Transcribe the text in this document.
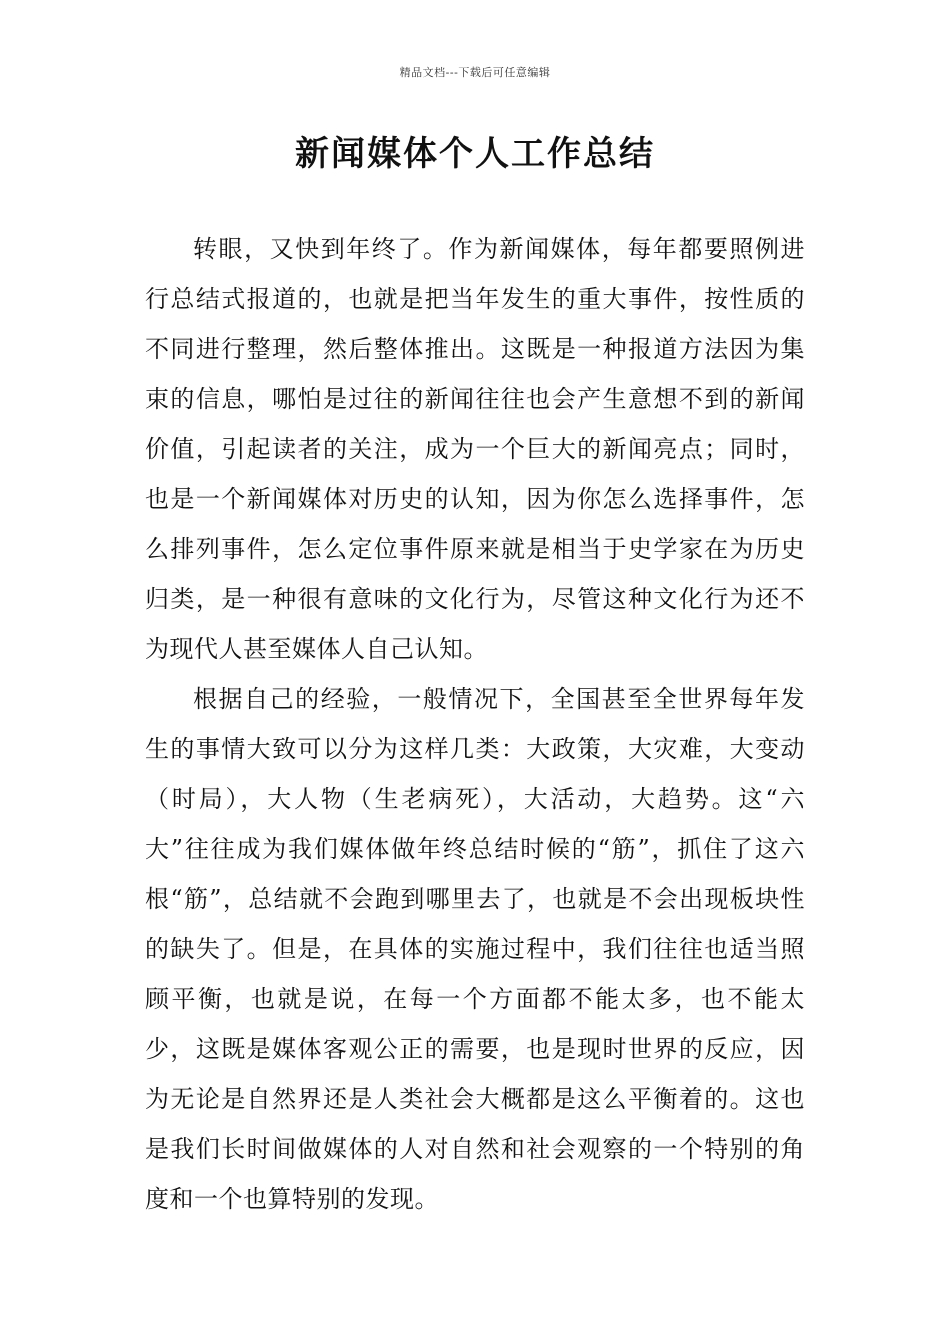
精品文档---下载后可任意编辑
新闻媒体个人工作总结

转眼，又快到年终了。作为新闻媒体，每年都要照例进行总结式报道的，也就是把当年发生的重大事件，按性质的不同进行整理，然后整体推出。这既是一种报道方法因为集束的信息，哪怕是过往的新闻往往也会产生意想不到的新闻价值，引起读者的关注，成为一个巨大的新闻亮点；同时，也是一个新闻媒体对历史的认知，因为你怎么选择事件，怎么排列事件，怎么定位事件原来就是相当于史学家在为历史归类，是一种很有意味的文化行为，尽管这种文化行为还不为现代人甚至媒体人自己认知。

根据自己的经验，一般情况下，全国甚至全世界每年发生的事情大致可以分为这样几类：大政策，大灾难，大变动（时局），大人物（生老病死），大活动，大趋势。这“六大”往往成为我们媒体做年终总结时候的“筋”，抓住了这六根“筋”，总结就不会跑到哪里去了，也就是不会出现板块性的缺失了。但是，在具体的实施过程中，我们往往也适当照顾平衡，也就是说，在每一个方面都不能太多，也不能太少，这既是媒体客观公正的需要，也是现时世界的反应，因为无论是自然界还是人类社会大概都是这么平衡着的。这也是我们长时间做媒体的人对自然和社会观察的一个特别的角度和一个也算特别的发现。
